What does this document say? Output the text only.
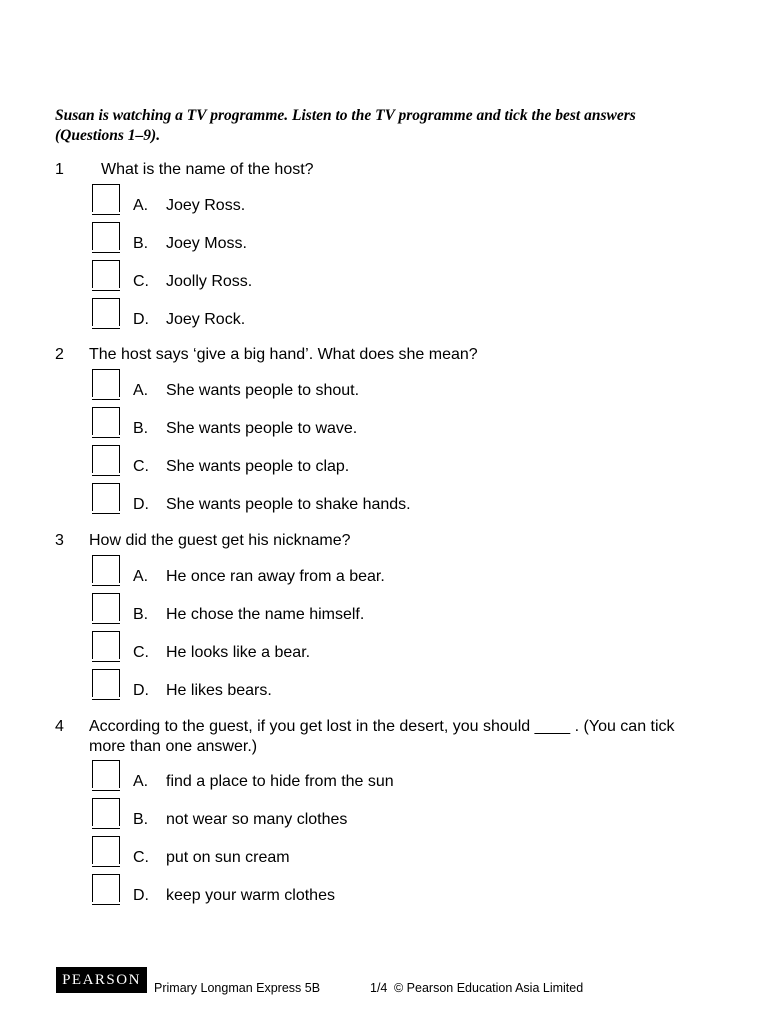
Susan is watching a TV programme. Listen to the TV programme and tick the best answers (Questions 1–9).

1 What is the name of the host?
A. Joey Ross.
B. Joey Moss.
C. Joolly Ross.
D. Joey Rock.
2 The host says ‘give a big hand’. What does she mean?
A. She wants people to shout.
B. She wants people to wave.
C. She wants people to clap.
D. She wants people to shake hands.
3 How did the guest get his nickname?
A. He once ran away from a bear.
B. He chose the name himself.
C. He looks like a bear.
D. He likes bears.
4 According to the guest, if you get lost in the desert, you should ____ . (You can tick more than one answer.)
A. find a place to hide from the sun
B. not wear so many clothes
C. put on sun cream
D. keep your warm clothes
PEARSON	Primary Longman Express 5B	1/4 © Pearson Education Asia Limited
